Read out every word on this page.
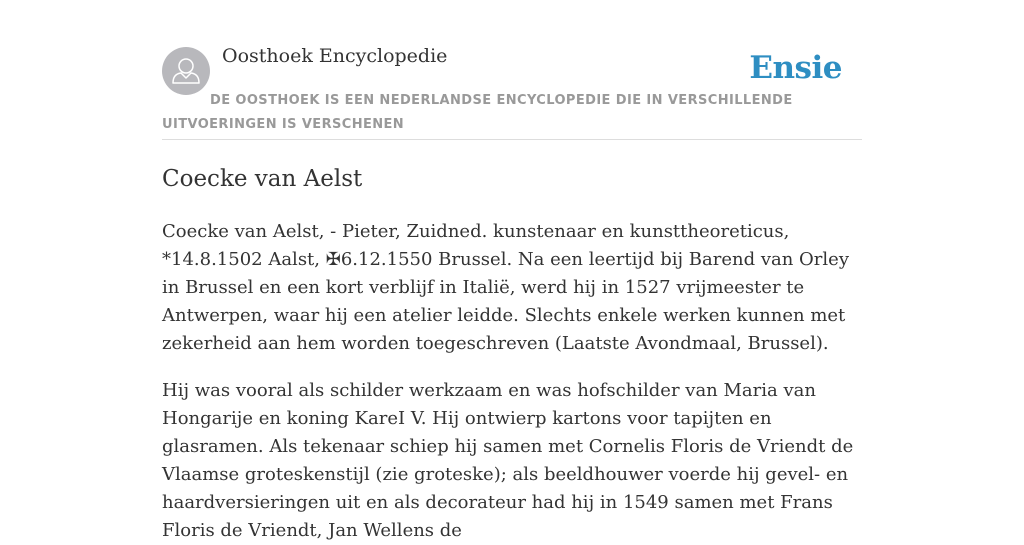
Oosthoek Encyclopedie	Ensie
DE OOSTHOEK IS EEN NEDERLANDSE ENCYCLOPEDIE DIE IN VERSCHILLENDE UITVOERINGEN IS VERSCHENEN
Coecke van Aelst

Coecke van Aelst, - Pieter, Zuidned. kunstenaar en kunsttheoreticus, *14.8.1502 Aalst, ✠6.12.1550 Brussel. Na een leertijd bij Barend van Orley in Brussel en een kort verblijf in Italië, werd hij in 1527 vrijmeester te Antwerpen, waar hij een atelier leidde. Slechts enkele werken kunnen met zekerheid aan hem worden toegeschreven (Laatste Avondmaal, Brussel).

Hij was vooral als schilder werkzaam en was hofschilder van Maria van Hongarije en koning KareI V. Hij ontwierp kartons voor tapijten en glasramen. Als tekenaar schiep hij samen met Cornelis Floris de Vriendt de Vlaamse groteskenstijl (zie groteske); als beeldhouwer voerde hij gevel- en haardversieringen uit en als decorateur had hij in 1549 samen met Frans Floris de Vriendt, Jan Wellens de
